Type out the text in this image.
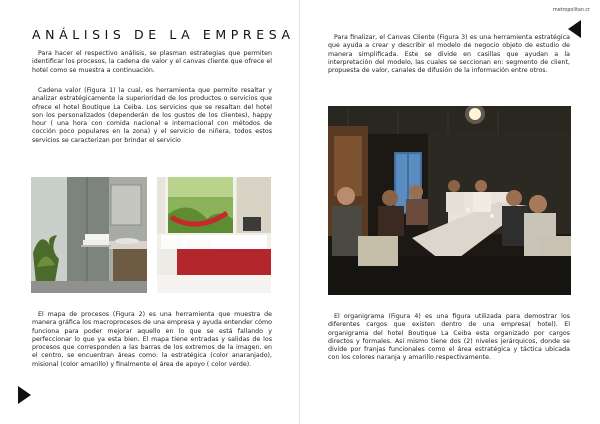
ANÁLISIS DE LA EMPRESA

Para hacer el respectivo análisis, se plasman estrategias que permiten identificar los procesos, la cadena de valor y el canvas cliente que ofrece el hotel como se muestra a continuación.

Cadena valor (Figura 1) la cual, es herramienta que permite resaltar y analizar estratégicamente la superioridad de los productos o servicios que ofrece el hotel Boutique La Ceiba. Los servicios que se resaltan del hotel son los personalizados (dependerán de los gustos de los clientes), happy hour ( una hora con comida nacional e internacional con métodos de cocción poco populares en la zona) y el servicio de niñera, todos estos servicios se caracterizan por brindar el servicio

El mapa de procesos (Figura 2) es una herramienta que muestra de manera gráfica los macroprocesos de una empresa y ayuda entender cómo funciona para poder mejorar aquello en lo que se está fallando y perfeccionar lo que ya esta bien. El mapa tiene entradas y salidas de los procesos que corresponden a las barras de los extremos de la imagen, en el centro, se encuentran áreas como: la estratégica (color anaranjado), misional (color amarillo) y finalmente el área de apoyo ( color verde).

metropolitan.cr

Para finalizar, el Canvas Cliente (Figura 3) es una herramienta estratégica que ayuda a crear y describir el modelo de negocio objeto de estudio de manera simplificada. Este se divide en casillas que ayudan a la interpretación del modelo, las cuales se seccionan en: segmento de client, propuesta de valor, canales de difusión de la información entre otros.

El organigrama (Figura 4) es una figura utilizada para demostrar los diferentes cargos que existen dentro de una empresa( hotel). El organigrama del hotel Boutique La Ceiba esta organizado por cargos directos y formales. Así mismo tiene dos (2) niveles jerárquicos, donde se divide por franjas funcionales como el área estratégica y táctica ubicada con los colores naranja y amarillo respectivamente.
